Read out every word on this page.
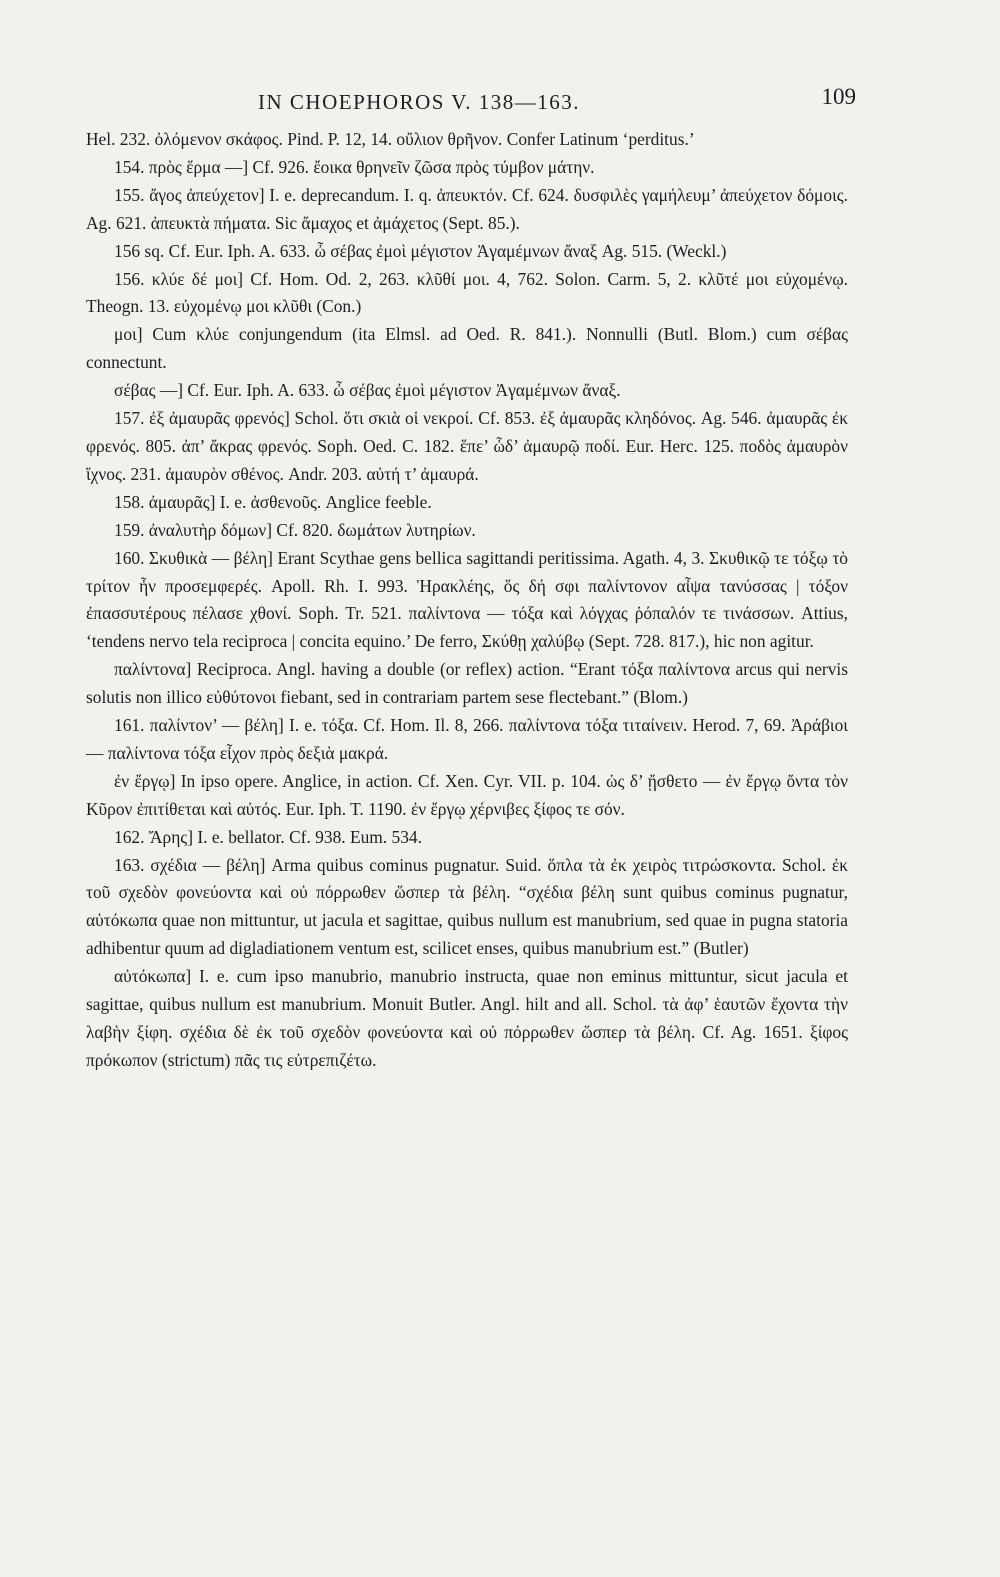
IN CHOEPHOROS V. 138—163.	109

Hel. 232. ὀλόμενον σκάφος. Pind. P. 12, 14. οὔλιον θρῆνον. Confer Latinum ‘perditus.’

154. πρὸς ἕρμα —] Cf. 926. ἔοικα θρηνεῖν ζῶσα πρὸς τύμβον μάτην.

155. ἄγος ἀπεύχετον] I. e. deprecandum. I. q. ἀπευκτόν. Cf. 624. δυσφιλὲς γαμήλευμ’ ἀπεύχετον δόμοις. Ag. 621. ἀπευκτὰ πήματα. Sic ἄμαχος et ἀμάχετος (Sept. 85.).

156 sq. Cf. Eur. Iph. A. 633. ὦ σέβας ἐμοὶ μέγιστον Ἀγαμέμνων ἄναξ Ag. 515. (Weckl.)

156. κλύε δέ μοι] Cf. Hom. Od. 2, 263. κλῦθί μοι. 4, 762. Solon. Carm. 5, 2. κλῦτέ μοι εὐχομένῳ. Theogn. 13. εὐχομένῳ μοι κλῦθι (Con.)

μοι] Cum κλύε conjungendum (ita Elmsl. ad Oed. R. 841.). Nonnulli (Butl. Blom.) cum σέβας connectunt.

σέβας —] Cf. Eur. Iph. A. 633. ὦ σέβας ἐμοὶ μέγιστον Ἀγαμέμνων ἄναξ.

157. ἐξ ἀμαυρᾶς φρενός] Schol. ὅτι σκιὰ οἱ νεκροί. Cf. 853. ἐξ ἀμαυρᾶς κληδόνος. Ag. 546. ἀμαυρᾶς ἐκ φρενός. 805. ἀπ’ ἄκρας φρενός. Soph. Oed. C. 182. ἕπε’ ὧδ’ ἀμαυρῷ ποδί. Eur. Herc. 125. ποδὸς ἀμαυρὸν ἴχνος. 231. ἀμαυρὸν σθένος. Andr. 203. αὐτή τ’ ἀμαυρά.

158. ἀμαυρᾶς] I. e. ἀσθενοῦς. Anglice feeble.

159. ἀναλυτὴρ δόμων] Cf. 820. δωμάτων λυτηρίων.

160. Σκυθικὰ — βέλη] Erant Scythae gens bellica sagittandi peritissima. Agath. 4, 3. Σκυθικῷ τε τόξῳ τὸ τρίτον ἦν προσεμφερές. Apoll. Rh. I. 993. Ἡρακλέης, ὅς δή σφι παλίντονον αἶψα τανύσσας | τόξον ἐπασσυτέρους πέλασε χθονί. Soph. Tr. 521. παλίντονα — τόξα καὶ λόγχας ῥόπαλόν τε τινάσσων. Attius, ‘tendens nervo tela reciproca | concita equino.’ De ferro, Σκύθῃ χαλύβῳ (Sept. 728. 817.), hic non agitur.

παλίντονα] Reciproca. Angl. having a double (or reflex) action. “Erant τόξα παλίντονα arcus qui nervis solutis non illico εὐθύτονοι fiebant, sed in contrariam partem sese flectebant.” (Blom.)

161. παλίντον’ — βέλη] I. e. τόξα. Cf. Hom. Il. 8, 266. παλίντονα τόξα τιταίνειν. Herod. 7, 69. Ἀράβιοι — παλίντονα τόξα εἶχον πρὸς δεξιὰ μακρά.

ἐν ἔργῳ] In ipso opere. Anglice, in action. Cf. Xen. Cyr. VII. p. 104. ὡς δ’ ᾔσθετο — ἐν ἔργῳ ὄντα τὸν Κῦρον ἐπιτίθεται καὶ αὐτός. Eur. Iph. T. 1190. ἐν ἔργῳ χέρνιβες ξίφος τε σόν.

162. Ἄρης] I. e. bellator. Cf. 938. Eum. 534.

163. σχέδια — βέλη] Arma quibus cominus pugnatur. Suid. ὅπλα τὰ ἐκ χειρὸς τιτρώσκοντα. Schol. ἐκ τοῦ σχεδὸν φονεύοντα καὶ οὐ πόρρωθεν ὥσπερ τὰ βέλη. “σχέδια βέλη sunt quibus cominus pugnatur, αὐτόκωπα quae non mittuntur, ut jacula et sagittae, quibus nullum est manubrium, sed quae in pugna statoria adhibentur quum ad digladiationem ventum est, scilicet enses, quibus manubrium est.” (Butler)

αὐτόκωπα] I. e. cum ipso manubrio, manubrio instructa, quae non eminus mittuntur, sicut jacula et sagittae, quibus nullum est manubrium. Monuit Butler. Angl. hilt and all. Schol. τὰ ἀφ’ ἑαυτῶν ἔχοντα τὴν λαβὴν ξίφη. σχέδια δὲ ἐκ τοῦ σχεδὸν φονεύοντα καὶ οὐ πόρρωθεν ὥσπερ τὰ βέλη. Cf. Ag. 1651. ξίφος πρόκωπον (strictum) πᾶς τις εὐτρεπιζέτω.
